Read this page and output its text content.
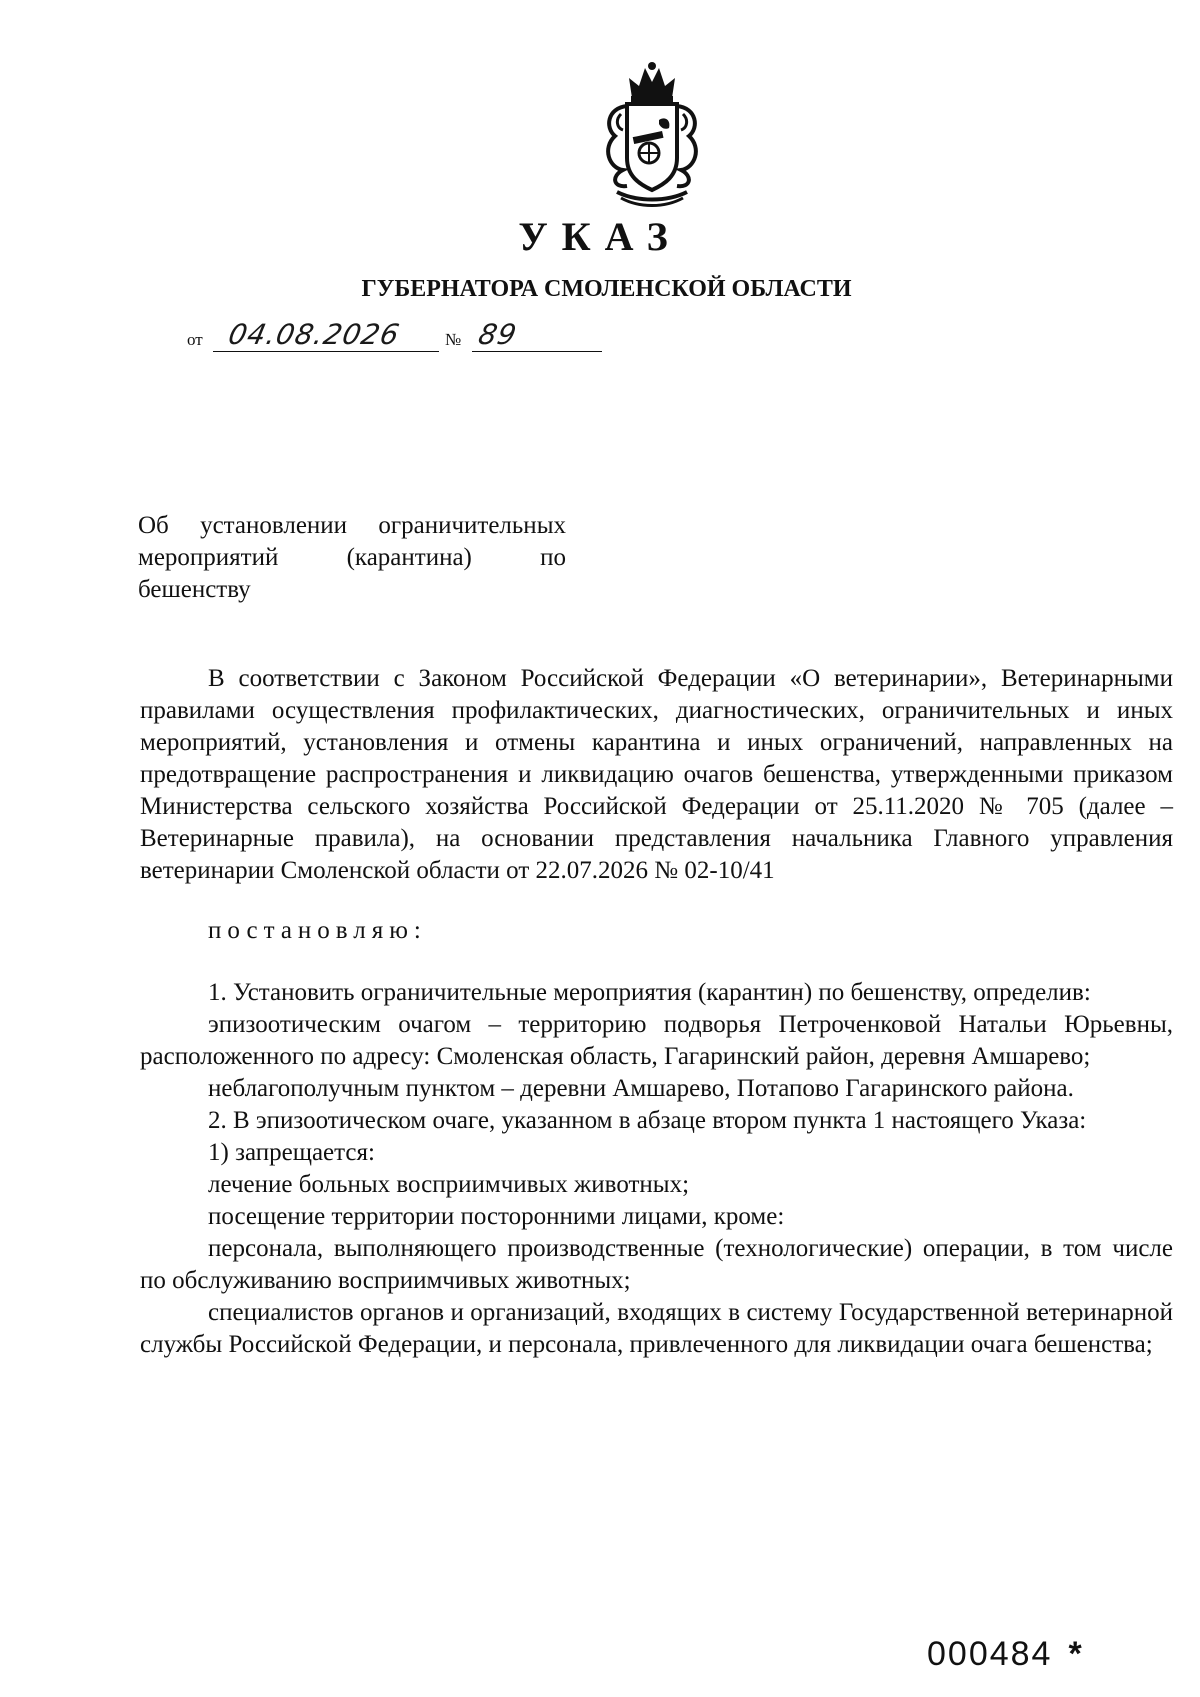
УКАЗ
ГУБЕРНАТОРА СМОЛЕНСКОЙ ОБЛАСТИ
от 04.08.2026 № 89
Об установлении ограничительных
мероприятий (карантина) по
бешенству

В соответствии с Законом Российской Федерации «О ветеринарии», Ветеринарными правилами осуществления профилактических, диагностических, ограничительных и иных мероприятий, установления и отмены карантина и иных ограничений, направленных на предотвращение распространения и ликвидацию очагов бешенства, утвержденными приказом Министерства сельского хозяйства Российской Федерации от 25.11.2020 № 705 (далее – Ветеринарные правила), на основании представления начальника Главного управления ветеринарии Смоленской области от 22.07.2026 № 02-10/41

постановляю:

1. Установить ограничительные мероприятия (карантин) по бешенству, определив:

эпизоотическим очагом – территорию подворья Петроченковой Натальи Юрьевны, расположенного по адресу: Смоленская область, Гагаринский район, деревня Амшарево;

неблагополучным пунктом – деревни Амшарево, Потапово Гагаринского района.

2. В эпизоотическом очаге, указанном в абзаце втором пункта 1 настоящего Указа:

1) запрещается:

лечение больных восприимчивых животных;

посещение территории посторонними лицами, кроме:

персонала, выполняющего производственные (технологические) операции, в том числе по обслуживанию восприимчивых животных;

специалистов органов и организаций, входящих в систему Государственной ветеринарной службы Российской Федерации, и персонала, привлеченного для ликвидации очага бешенства;

000484 *
